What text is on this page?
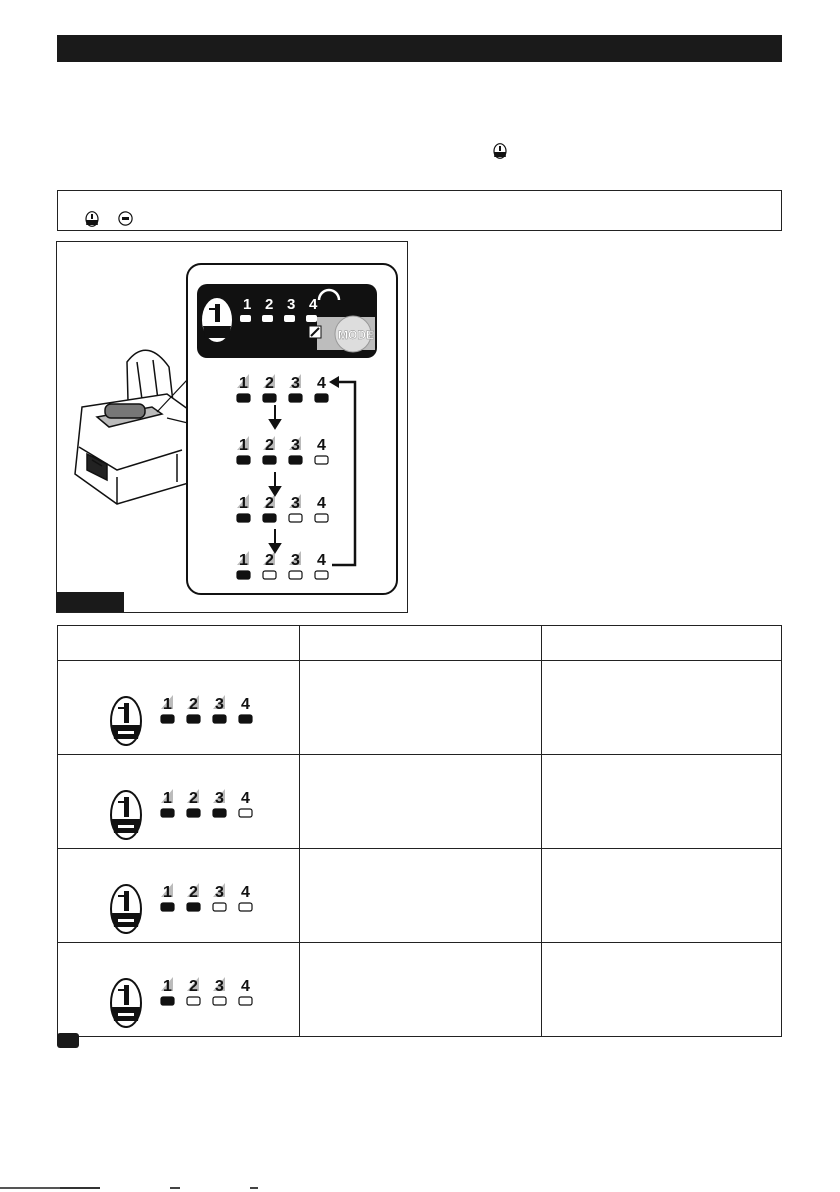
1 2 3 4
MODE
1 2 3 4
1 2 3 4
1 2 3 4
1 2 3 4

1 2 3 4		

1 2 3 4		

1 2 3 4		

1 2 3 4		
